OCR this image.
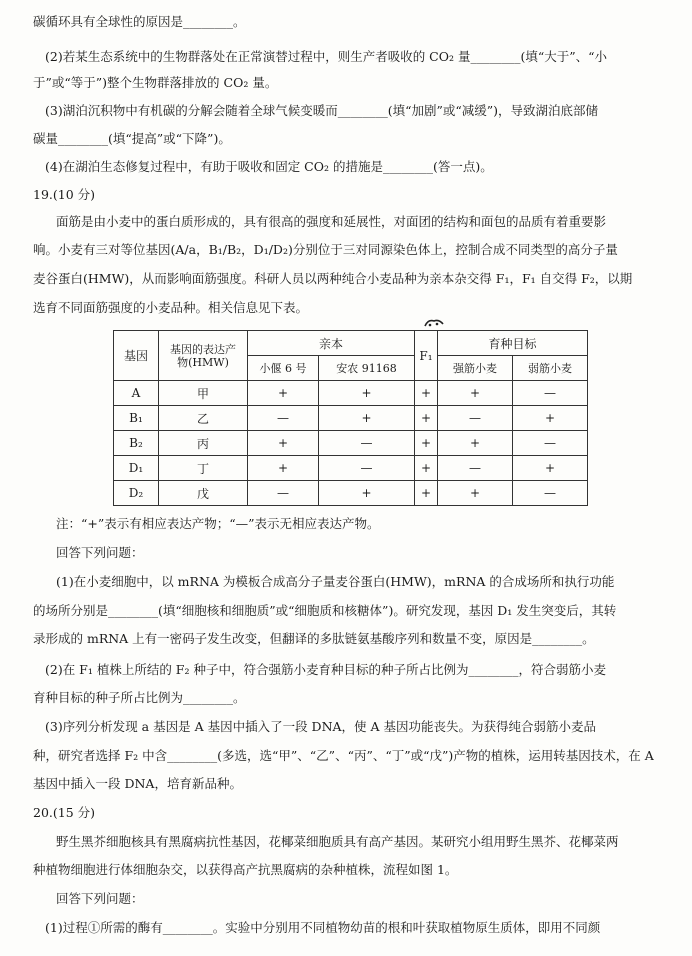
碳循环具有全球性的原因是________。
(2)若某生态系统中的生物群落处在正常演替过程中，则生产者吸收的 CO₂ 量________(填“大于”、“小
于”或“等于”)整个生物群落排放的 CO₂ 量。
(3)湖泊沉积物中有机碳的分解会随着全球气候变暖而________(填“加剧”或“减缓”)，导致湖泊底部储
碳量________(填“提高”或“下降”)。
(4)在湖泊生态修复过程中，有助于吸收和固定 CO₂ 的措施是________(答一点)。
19.(10 分)
面筋是由小麦中的蛋白质形成的，具有很高的强度和延展性，对面团的结构和面包的品质有着重要影
响。小麦有三对等位基因(A/a，B₁/B₂，D₁/D₂)分别位于三对同源染色体上，控制合成不同类型的高分子量
麦谷蛋白(HMW)，从而影响面筋强度。科研人员以两种纯合小麦品种为亲本杂交得 F₁，F₁ 自交得 F₂，以期
选育不同面筋强度的小麦品种。相关信息见下表。
基因	基因的表达产物(HMW)	亲本		F₁	育种目标	
		小偃 6 号	安农 91168		强筋小麦	弱筋小麦
A	甲	+	+	+	+	—
B₁	乙	—	+	+	—	+
B₂	丙	+	—	+	+	—
D₁	丁	+	—	+	—	+
D₂	戊	—	+	+	+	—
注：“+”表示有相应表达产物；“—”表示无相应表达产物。
回答下列问题：
(1)在小麦细胞中，以 mRNA 为模板合成高分子量麦谷蛋白(HMW)，mRNA 的合成场所和执行功能
的场所分别是________(填“细胞核和细胞质”或“细胞质和核糖体”)。研究发现，基因 D₁ 发生突变后，其转
录形成的 mRNA 上有一密码子发生改变，但翻译的多肽链氨基酸序列和数量不变，原因是________。
(2)在 F₁ 植株上所结的 F₂ 种子中，符合强筋小麦育种目标的种子所占比例为________，符合弱筋小麦
育种目标的种子所占比例为________。
(3)序列分析发现 a 基因是 A 基因中插入了一段 DNA，使 A 基因功能丧失。为获得纯合弱筋小麦品
种，研究者选择 F₂ 中含________(多选，选“甲”、“乙”、“丙”、“丁”或“戊”)产物的植株，运用转基因技术，在 A
基因中插入一段 DNA，培育新品种。
20.(15 分)
野生黑芥细胞核具有黑腐病抗性基因，花椰菜细胞质具有高产基因。某研究小组用野生黑芥、花椰菜两
种植物细胞进行体细胞杂交，以获得高产抗黑腐病的杂种植株，流程如图 1。
回答下列问题：
(1)过程①所需的酶有________。实验中分别用不同植物幼苗的根和叶获取植物原生质体，即用不同颜
